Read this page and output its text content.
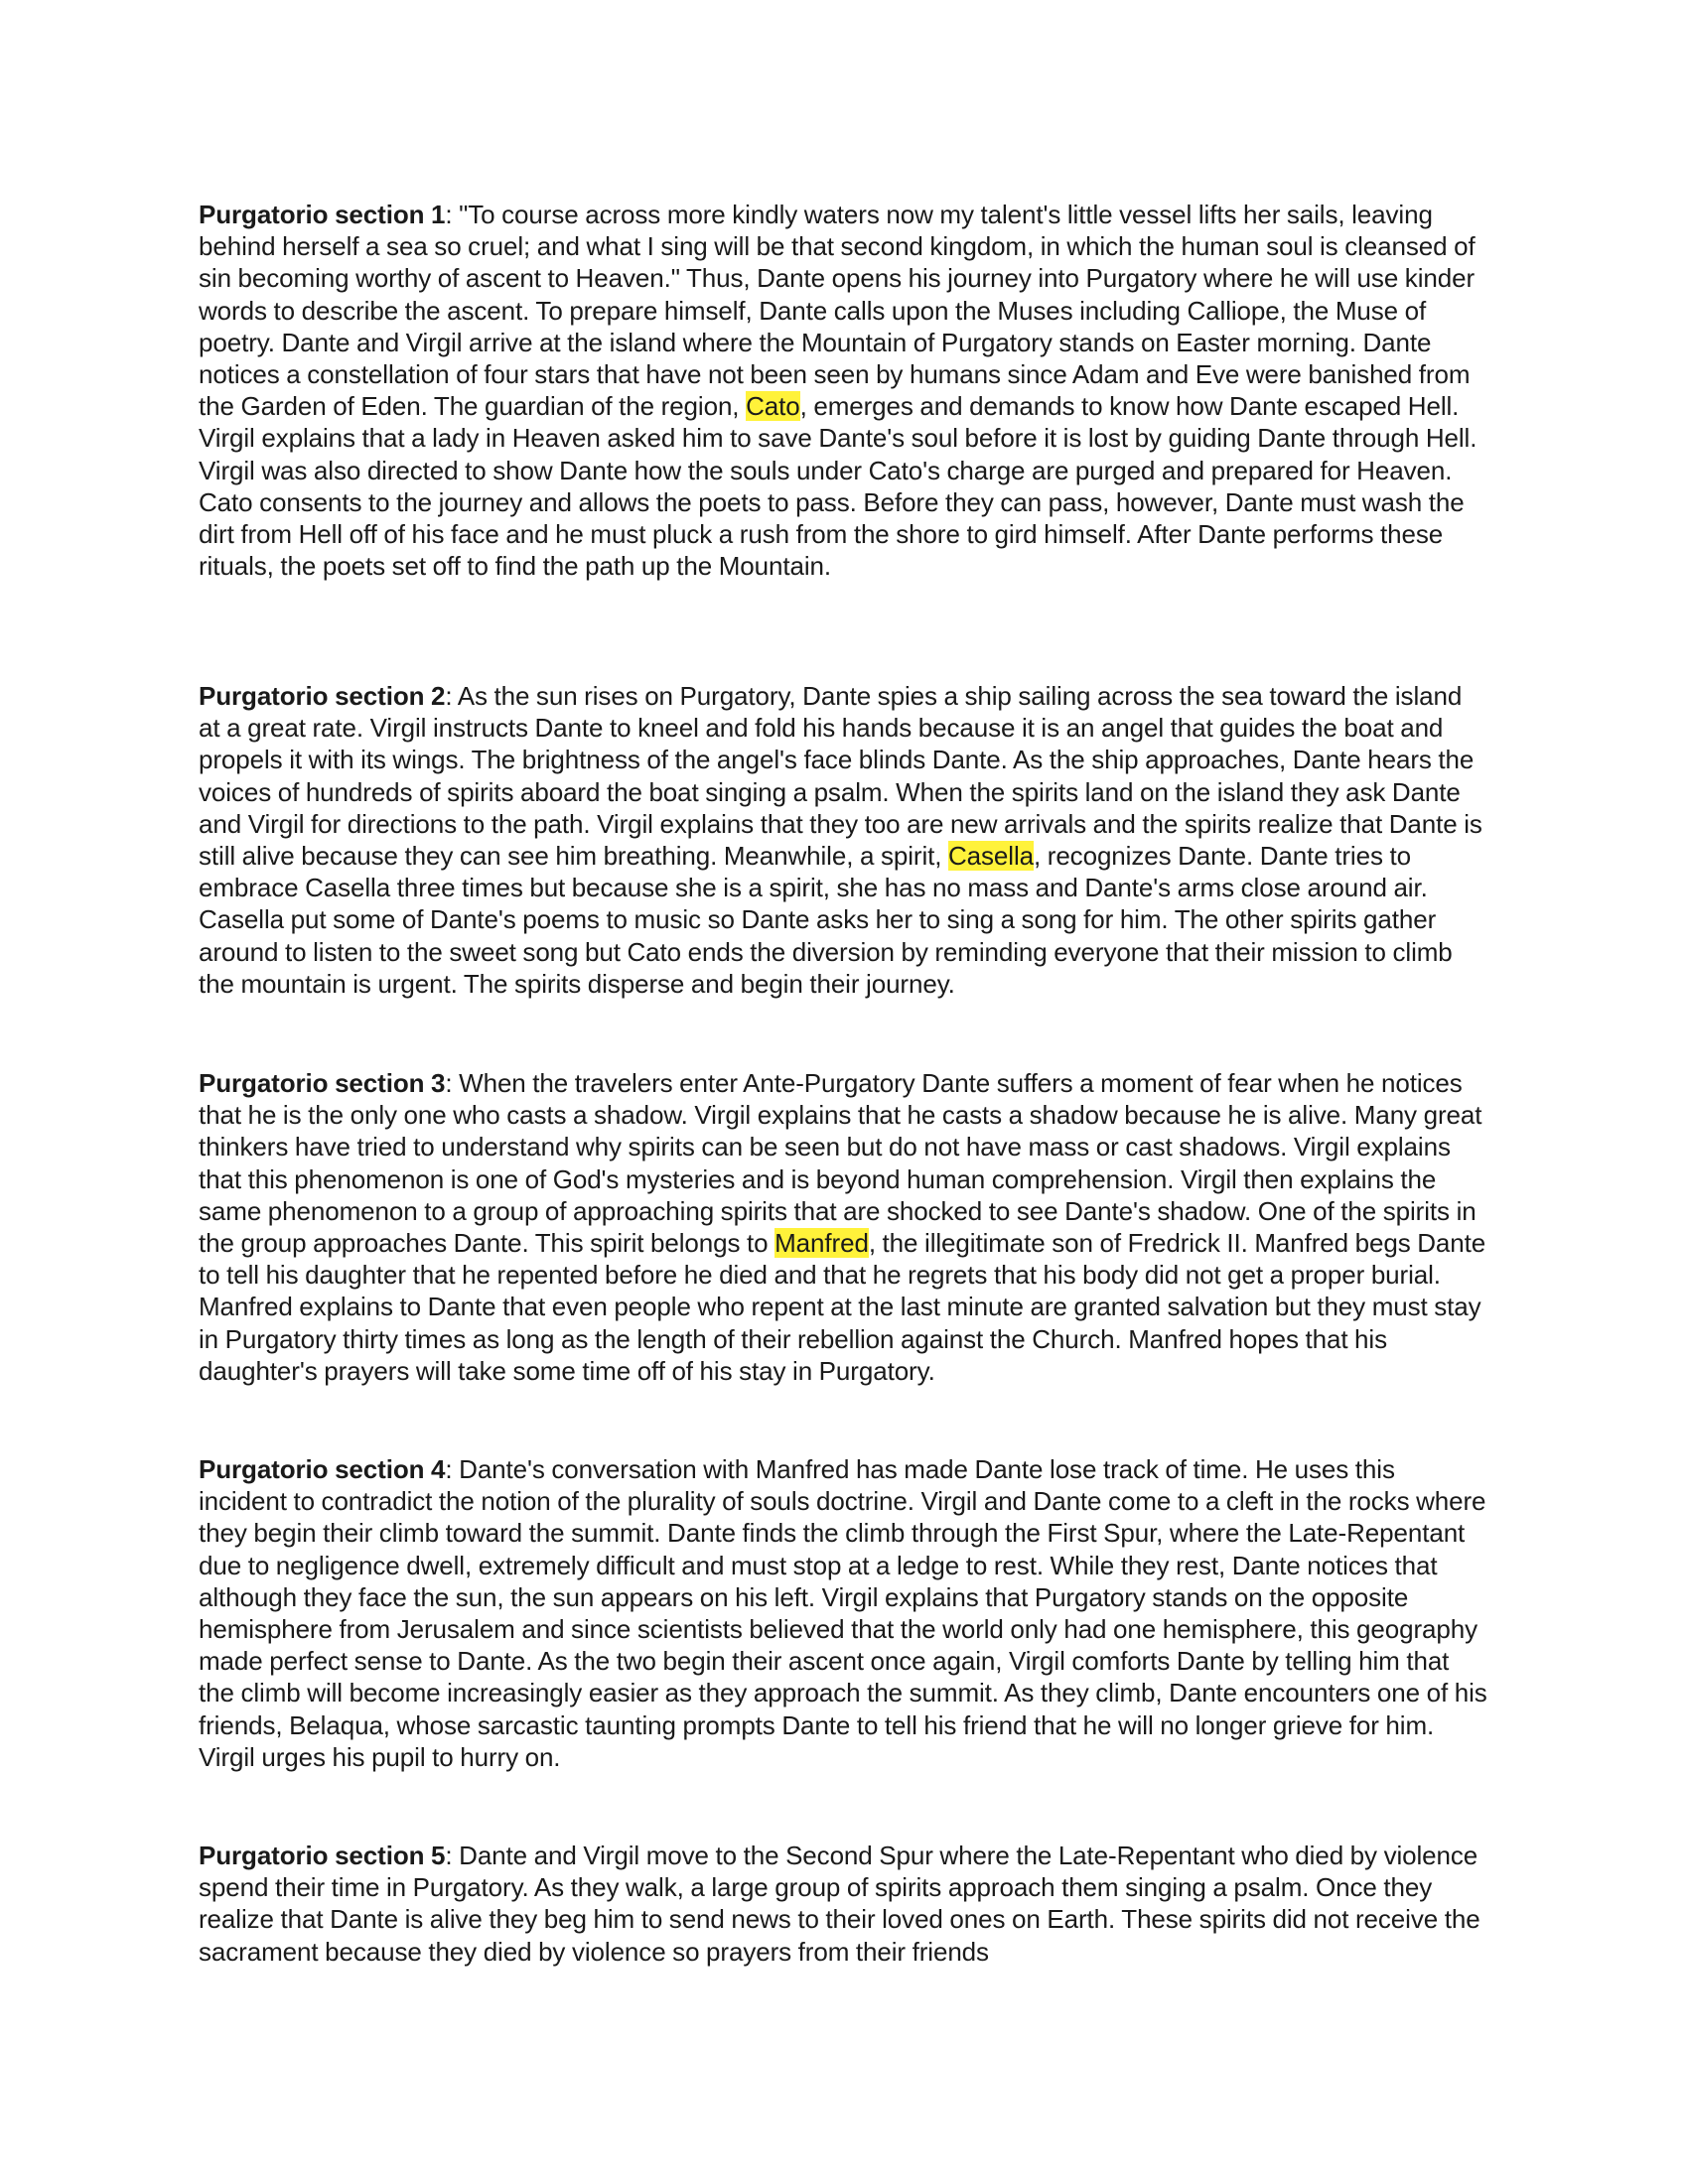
Purgatorio section 1: "To course across more kindly waters now my talent's little vessel lifts her sails, leaving behind herself a sea so cruel; and what I sing will be that second kingdom, in which the human soul is cleansed of sin becoming worthy of ascent to Heaven." Thus, Dante opens his journey into Purgatory where he will use kinder words to describe the ascent. To prepare himself, Dante calls upon the Muses including Calliope, the Muse of poetry. Dante and Virgil arrive at the island where the Mountain of Purgatory stands on Easter morning. Dante notices a constellation of four stars that have not been seen by humans since Adam and Eve were banished from the Garden of Eden. The guardian of the region, Cato, emerges and demands to know how Dante escaped Hell. Virgil explains that a lady in Heaven asked him to save Dante's soul before it is lost by guiding Dante through Hell. Virgil was also directed to show Dante how the souls under Cato's charge are purged and prepared for Heaven. Cato consents to the journey and allows the poets to pass. Before they can pass, however, Dante must wash the dirt from Hell off of his face and he must pluck a rush from the shore to gird himself. After Dante performs these rituals, the poets set off to find the path up the Mountain.

Purgatorio section 2: As the sun rises on Purgatory, Dante spies a ship sailing across the sea toward the island at a great rate. Virgil instructs Dante to kneel and fold his hands because it is an angel that guides the boat and propels it with its wings. The brightness of the angel's face blinds Dante. As the ship approaches, Dante hears the voices of hundreds of spirits aboard the boat singing a psalm. When the spirits land on the island they ask Dante and Virgil for directions to the path. Virgil explains that they too are new arrivals and the spirits realize that Dante is still alive because they can see him breathing. Meanwhile, a spirit, Casella, recognizes Dante. Dante tries to embrace Casella three times but because she is a spirit, she has no mass and Dante's arms close around air. Casella put some of Dante's poems to music so Dante asks her to sing a song for him. The other spirits gather around to listen to the sweet song but Cato ends the diversion by reminding everyone that their mission to climb the mountain is urgent. The spirits disperse and begin their journey.

Purgatorio section 3: When the travelers enter Ante-Purgatory Dante suffers a moment of fear when he notices that he is the only one who casts a shadow. Virgil explains that he casts a shadow because he is alive. Many great thinkers have tried to understand why spirits can be seen but do not have mass or cast shadows. Virgil explains that this phenomenon is one of God's mysteries and is beyond human comprehension. Virgil then explains the same phenomenon to a group of approaching spirits that are shocked to see Dante's shadow. One of the spirits in the group approaches Dante. This spirit belongs to Manfred, the illegitimate son of Fredrick II. Manfred begs Dante to tell his daughter that he repented before he died and that he regrets that his body did not get a proper burial. Manfred explains to Dante that even people who repent at the last minute are granted salvation but they must stay in Purgatory thirty times as long as the length of their rebellion against the Church. Manfred hopes that his daughter's prayers will take some time off of his stay in Purgatory.

Purgatorio section 4: Dante's conversation with Manfred has made Dante lose track of time. He uses this incident to contradict the notion of the plurality of souls doctrine. Virgil and Dante come to a cleft in the rocks where they begin their climb toward the summit. Dante finds the climb through the First Spur, where the Late-Repentant due to negligence dwell, extremely difficult and must stop at a ledge to rest. While they rest, Dante notices that although they face the sun, the sun appears on his left. Virgil explains that Purgatory stands on the opposite hemisphere from Jerusalem and since scientists believed that the world only had one hemisphere, this geography made perfect sense to Dante. As the two begin their ascent once again, Virgil comforts Dante by telling him that the climb will become increasingly easier as they approach the summit. As they climb, Dante encounters one of his friends, Belaqua, whose sarcastic taunting prompts Dante to tell his friend that he will no longer grieve for him. Virgil urges his pupil to hurry on.

Purgatorio section 5: Dante and Virgil move to the Second Spur where the Late-Repentant who died by violence spend their time in Purgatory. As they walk, a large group of spirits approach them singing a psalm. Once they realize that Dante is alive they beg him to send news to their loved ones on Earth. These spirits did not receive the sacrament because they died by violence so prayers from their friends
